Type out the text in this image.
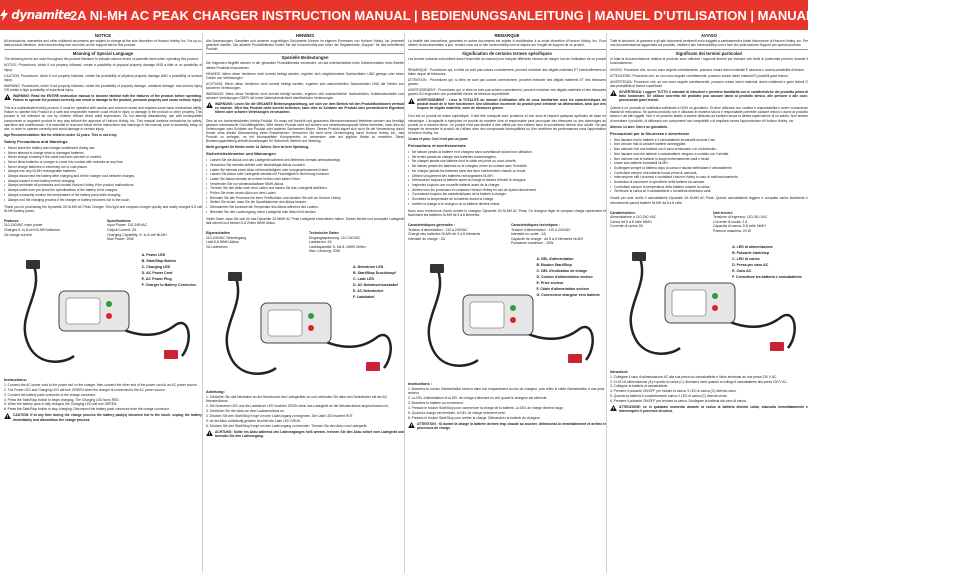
dynamite 2A NI-MH AC PEAK CHARGER INSTRUCTION MANUAL | BEDIENUNGSANLEITUNG | MANUEL D'UTILISATION | MANUALE DI ISTRUZIONI (DYN4113)
NOTICE

All instructions, warranties and other collateral documents are subject to change at the sole discretion of Horizon Hobby, Inc. For up-to-date product literature, visit horizonhobby.com and click on the support tab for this product.

Meaning of Special Language

The following terms are used throughout the product literature to indicate various levels of potential harm when operating this product:

NOTICE: Procedures, which if not properly followed, create a possibility of physical property damage AND a little or no possibility of injury.

CAUTION: Procedures, which if not properly followed, create the probability of physical property damage AND a possibility of serious injury.

WARNING: Procedures, which if not properly followed, create the probability of property damage, collateral damage, and serious injury OR create a high probability of superficial injury.

WARNING: Read the ENTIRE instruction manual to become familiar with the features of the product before operating. Failure to operate the product correctly can result in damage to the product, personal property and cause serious injury.

This is a sophisticated hobby product. It must be operated with caution and common sense and requires some basic mechanical ability. Failure to operate this Product in a safe and responsible manner could result in injury or damage to the product or other property. This product is not intended for use by children without direct adult supervision. Do not attempt disassembly, use with incompatible components or augment product in any way without the approval of Horizon Hobby, Inc. This manual contains instructions for safety, operation and maintenance. It is essential to read and follow all the instructions and warnings in the manual, prior to assembly, setup or use, in order to operate correctly and avoid damage or serious injury.

Age Recommendation: Not for children under 14 years. This is not a toy.

Safety Precautions and Warnings
• Never leave the battery and charger unattended during use.
• Never attempt to charge dead or damaged batteries.
• Never charge a battery if the cable has been pinched or shorted.
• Never allow batteries or charger to come into contact with moisture at any time.
• Never charge batteries in extremely hot or cold places.
• Always use only Ni-MH rechargeable batteries.
• Always disconnect the battery after charging and let the charger cool between charges.
• Always inspect a new battery before charging.
• Always terminate all processes and contact Horizon Hobby if the product malfunctions.
• Always make sure you know the specifications of the battery to be charged.
• Always constantly monitor the temperature of the battery pack while charging.
• Always end the charging process if the charger or battery becomes hot to the touch.

Thank you for purchasing the Dynamite 2A Ni-MH AC Peak Charger. This light and compact charger quickly and easily charges 5-8 cell Ni-MH battery packs.

Features
110-240VAC main power
Charges 5- to 8-cell Ni-MH batteries
2A charge current
Specifications
Input Power: 110-240VAC
Output Current: 2A
Charging Capability: 5- to 8-cell Ni-MH
Max Power: 20W
A. Power LED
B. Start/Stop Button
C. Charging LED
D. AC Power Cord
E. AC Power Plug
F. Charger to Battery Connector
Instructions:
1. Connect the AC power cord to the power slot on the charger, then connect the other end of the power cord to an AC power source.
2. The Power LED and Charging LED will turn GREEN when the charger is connected to the AC power source.
3. Connect the battery pack connector to the charge connector.
4. Press the Start/Stop button to begin charging. The Charging LED turns RED.
5. When the battery pack is fully charged, the Charging LED will turn GREEN.
6. Press the Start/Stop button to stop charging. Disconnect the battery pack connector from the charge connector.

CAUTION: If at any time during the charge process the battery pack(s) becomes hot to the touch, unplug the battery immediately and discontinue the charge process.

HINWEIS

Alle Anweisungen, Garantien und anderen zugehörigen Dokumente können im eigenen Ermessen von Horizon Hobby, Inc. jederzeit geändert werden. Die aktuelle Produktliteratur finden Sie auf horizonhobby.com unter der Registerkarte „Support" für das betreffende Produkt.

Spezielle Bedeutungen

Die folgenden Begriffe werden in der gesamten Produktliteratur verwendet, um auf unterschiedlich hohe Gefahrenrisiken beim Betrieb dieses Produkts hinzuweisen:

HINWEIS: Wenn diese Verfahren nicht korrekt befolgt werden, ergeben sich möglicherweise Sachschäden UND geringe oder keine Gefahr von Verletzungen.

ACHTUNG: Wenn diese Verfahren nicht korrekt befolgt werden, ergeben sich wahrscheinlich Sachschäden UND die Gefahr von schweren Verletzungen.

WARNUNG: Wenn diese Verfahren nicht korrekt befolgt werden, ergeben sich wahrscheinlich Sachschäden, Kollateralschäden und schwere Verletzungen ODER mit hoher Wahrscheinlichkeit oberflächliche Verletzungen.

WARNUNG: Lesen Sie die GESAMTE Bedienungsanleitung, um sich vor dem Betrieb mit den Produktfunktionen vertraut zu machen. Wird das Produkt nicht korrekt betrieben, kann dies zu Schäden am Produkt oder persönlichem Eigentum führen oder schwere Verletzungen verursachen.

Dies ist ein hochentwickeltes Hobby-Produkt. Es muss mit Vorsicht und gesundem Menschenverstand betrieben werden und benötigt gewisse mechanische Grundfähigkeiten. Wird dieses Produkt nicht auf sichere und verantwortungsvolle Weise betrieben, kann dies zu Verletzungen oder Schäden am Produkt oder anderen Sachwerten führen. Dieses Produkt eignet sich nicht für die Verwendung durch Kinder ohne direkte Überwachung eines Erwachsenen. Versuchen Sie nicht ohne Genehmigung durch Horizon Hobby, Inc., das Produkt zu zerlegen, es mit inkompatiblen Komponenten zu verwenden oder auf jegliche Weise zu erweitern. Diese Bedienungsanleitung enthält Anweisungen für Sicherheit, Betrieb und Wartung.

Nicht geeignet für Kinder unter 14 Jahren. Dies ist kein Spielzeug.

Sicherheitshinweise und Warnungen
• Lassen Sie die Akkus und das Ladegerät während des Betriebes niemals unbeaufsichtigt.
• Versuchen Sie niemals defekte oder beschädigte Akkus zu laden.
• Laden Sie niemals einen Akku mit beschädigtem oder kurzgeschlossenem Kabel.
• Lassen Sie Akkus oder Ladegerät niemals mit Feuchtigkeit in Berührung kommen.
• Laden Sie Akkus niemals an extrem heißen oder kalten Orten.
• Verwenden Sie nur wiederaufladbare NiMH-Akkus.
• Trennen Sie den Akku nach dem Laden und lassen Sie das Ladegerät abkühlen.
• Prüfen Sie einen neuen Akku vor dem Laden.
• Beenden Sie alle Prozesse bei einer Fehlfunktion und wenden Sie sich an Horizon Hobby.
• Stellen Sie sicher, dass Sie die Spezifikationen des Akkus kennen.
• Überwachen Sie konstant die Temperatur des Akkus während des Ladens.
• Beenden Sie den Ladevorgang, wenn Ladegerät oder Akku heiß werden.

Vielen Dank, dass Sie sich für das Dynamite 2A NiMH AC Peak Ladegerät entschieden haben. Dieses leichte und kompakte Ladegerät lädt schnell und einfach 5-8 Zellen NiMH Akkus.

Eigenschaften
110-240VAC Netzeingang
Lädt 5-8 NiMH Akkus
2A Ladestrom
Technische Daten
Eingangsspannung: 110-240VAC
Ladestrom: 2A
Ladekapazität: 5- bis 8- NiMH Zellen
Max. Leistung: 20W
A. Netzstrom LED
B. Start/Stop Druckknopf
C. Lade LED
D. AC Netzanschlusskabel
E. AC Netzstecker
F. Ladekabel
Anleitung:
1. Schließen Sie das Netzkabel an der Netzbuchse des Ladegerätes an und verbinden Sie dann den Netzstecker mit der AC Netzsteckdose.
2. Die Netzstrom LED und die Ladestrom LED leuchten GRÜN wenn das Ladegerät an die Netzsteckdose angeschlossen ist.
3. Schließen Sie den Akku an dem Ladeanschluss an.
4. Drücken Sie den Start/Stop Knopf um den Ladevorgang zu beginnen. Die Lade LED leuchtet ROT.
5. Ist der Akku vollständig geladen leuchtet die Lade LED GRÜN.
6. Drücken Sie den Start/Stop Knopf um den Ladevorgang zu beenden. Trennen Sie den Akku vom Ladegerät.

ACHTUNG: Sollte ein Akku während des Ladevorganges heiß werden, trennen Sie den Akku sofort vom Ladegerät und beenden Sie den Ladevorgang.

REMARQUE

La totalité des instructions, garanties et autres documents est sujette à modification à la seule discrétion d'Horizon Hobby, Inc. Pour obtenir la documentation à jour, rendez-vous sur le site horizonhobby.com et cliquez sur l'onglet de support de ce produit.

Signification de certains termes spécifiques

Les termes suivants sont utilisés dans l'ensemble du manuel pour indiquer différents niveaux de danger lors de l'utilisation de ce produit :

REMARQUE : Procédures qui, si elles ne sont pas suivies correctement, peuvent entraîner des dégâts matériels ET éventuellement un faible risque de blessures.

ATTENTION : Procédures qui, si elles ne sont pas suivies correctement, peuvent entraîner des dégâts matériels ET des blessures graves.

AVERTISSEMENT : Procédures qui, si elles ne sont pas suivies correctement, peuvent entraîner des dégâts matériels et des blessures graves OU engendrer une probabilité élevée de blessure superficielle.

AVERTISSEMENT : Lisez la TOTALITÉ du manuel d'utilisation afin de vous familiariser avec les caractéristiques du produit avant de le faire fonctionner. Une utilisation incorrecte du produit peut entraîner sa détérioration, ainsi que des risques de dégâts matériels, voire de blessures graves.

Ceci est un produit de loisirs sophistiqué. Il doit être manipulé avec prudence et bon sens et requiert quelques aptitudes de base en mécanique. L'incapacité à manipuler ce produit de manière sûre et responsable peut provoquer des blessures ou des dommages au produit ou à d'autres biens. Ce produit n'est pas destiné à être utilisé par des enfants sans la surveillance directe d'un adulte. Ne pas essayer de démonter le produit, de l'utiliser avec des composants incompatibles ou d'en améliorer les performances sans l'approbation d'Horizon Hobby, Inc.

14 ans et plus. Ceci n'est pas un jouet.

Précautions et avertissements
• Ne laissez jamais la batterie et le chargeur sans surveillance durant leur utilisation.
• Ne tentez jamais de charger des batteries endommagées.
• Ne chargez jamais une batterie dont le câble est pincé ou court-circuité.
• Ne laissez jamais les batteries ou le chargeur entrer en contact avec l'humidité.
• Ne chargez jamais les batteries dans des lieux extrêmement chauds ou froids.
• Utilisez uniquement des batteries rechargeables Ni-MH.
• Débranchez toujours la batterie après la charge et laissez refroidir le chargeur.
• Inspectez toujours une nouvelle batterie avant de la charger.
• Arrêtez tous les processus et contactez Horizon Hobby en cas de dysfonctionnement.
• Connaissez toujours les caractéristiques de la batterie à charger.
• Surveillez la température de la batterie durant la charge.
• Arrêtez la charge si le chargeur ou la batterie devient chaud.

Nous vous remercions d'avoir acheté le chargeur Dynamite 2A Ni-MH AC Peak. Ce chargeur léger et compact charge rapidement et facilement les batteries Ni-MH de 5 à 8 éléments.

Caractéristiques générales :
Tension d'alimentation : 110 à 240VAC
Charge des batteries Ni-MH de 5 à 8 éléments
Intensité de charge : 2A
Caractéristiques techniques :
Tension d'alimentation : 110 à 240VAC
Intensité en sortie : 2A
Capacité de charge : de 5 à 8 éléments Ni-MH
Puissance maximum : 20W
A. DEL d'alimentation
B. Bouton Start/Stop
C. DEL d'indication de charge
D. Cordon d'alimentation secteur
E. Prise secteur
F. Câble d'alimentation secteur
G. Connecteur chargeur vers batterie
Instructions :
1. Branchez le cordon d'alimentation secteur dans son emplacement au dos du chargeur, puis reliez le câble d'alimentation à une prise secteur.
2. La DEL d'alimentation et la DEL de charge s'allument en vert quand le chargeur est alimenté.
3. Branchez la batterie au connecteur.
4. Pressez le bouton Start/Stop pour commencer la charge de la batterie. La DEL de charge devient rouge.
5. Quand la charge est terminée, la DEL de charge redevient verte.
6. Pressez le bouton Start/Stop pour arrêter la charge. Débranchez la batterie du chargeur.

ATTENTION : Si durant la charge la batterie devient trop chaude au toucher, débranchez-la immédiatement et arrêtez le processus de charge.

AVVISO

Tutte le istruzioni, le garanzie e gli altri documenti pertinenti sono soggetti a cambiamenti a totale discrezione di Horizon Hobby, Inc. Per una documentazione aggiornata sul prodotto, visitare il sito horizonhobby.com e fare clic sulla sezione Support per questo prodotto.

Significato dei termini particolari

In tutta la documentazione relativa al prodotto sono utilizzati i seguenti termini per indicare vari livelli di potenziale pericolo durante il funzionamento:

AVVISO: Procedure che, se non sono seguite correttamente, possono creare danni materiali E nessuna o scarsa possibilità di lesioni.

ATTENZIONE: Procedure che, se non sono seguite correttamente, possono creare danni materiali E possibili gravi lesioni.

AVVERTENZA: Procedure che, se non sono seguite correttamente, possono creare danni materiali, danni collaterali e gravi lesioni O alta probabilità di lesioni superficiali.

AVVERTENZA: Leggere TUTTO il manuale di istruzioni e prendere familiarità con le caratteristiche del prodotto prima di farlo funzionare. Un utilizzo scorretto del prodotto può causare danni al prodotto stesso, alle persone o alle cose, provocando gravi lesioni.

Questo è un prodotto di hobbistica sofisticato e NON un giocattolo. Si deve utilizzare con cautela e responsabilità e avere conoscenze basilari di meccanica. Se questo prodotto non è utilizzato in maniera sicura e responsabile potrebbe causare lesioni o danni al prodotto stesso o ad altri oggetti. Non è un prodotto adatto a essere utilizzato da bambini senza la diretta supervisione di un adulto. Non tentare di smontare il prodotto, di utilizzarlo con componenti non compatibili o di ampliarlo senza l'approvazione di Horizon Hobby, Inc.

Almeno 14 anni. Non è un giocattolo.

Precauzioni per la Sicurezza e Avvertenze
• Non lasciare mai le batterie e il caricabatterie incustoditi durante l'uso.
• Non cercare mai di caricare batterie danneggiate.
• Non caricare mai una batteria con il cavo schiacciato o in cortocircuito.
• Non lasciare mai che batterie o caricabatterie vengano a contatto con l'umidità.
• Non caricare mai le batterie in luoghi estremamente caldi o freddi.
• Usare solo batterie ricaricabili Ni-MH.
• Scollegare sempre la batteria dopo la carica e lasciar raffreddare il caricabatterie.
• Controllare sempre una batteria nuova prima di caricarla.
• Interrompere tutti i processi e contattare Horizon Hobby in caso di malfunzionamento.
• Accertarsi di conoscere le specifiche della batteria da caricare.
• Controllare sempre la temperatura della batteria durante la carica.
• Terminare la carica se il caricabatterie o la batteria diventano caldi.

Grazie per aver scelto il caricabatterie Dynamite 2A Ni-MH AC Peak. Questo caricabatterie leggero e compatto carica facilmente e velocemente pacchi batterie Ni-MH da 5 a 8 celle.

Caratteristiche:
Alimentazione a 110-240 VAC
Carica da 5 a 8 celle NiMH
Corrente di carica 2A
Dati tecnici:
Tensione di ingresso: 110-240 VAC
Corrente di uscita: 2 A
Capacità di carica: 5-8 celle NiMH
Potenza massima: 20 W
A. LED di alimentazione
B. Pulsante start/stop
C. LED di carica
D. Presa per cavo AC
E. Cavo AC
F. Connettore tra batteria e caricabatterie
Istruzioni:
1. Collegare il cavo di alimentazione AC alla sua presa sul caricabatterie e l'altro terminale ad una presa 230 V AC.
2. Il LED di alimentazione (A) e quello di carica (C) diventano verdi quando si collega il caricabatterie alla presa 230 V AC.
3. Collegare la batteria al caricabatterie.
4. Premere il pulsante ON/OFF per iniziare la carica. Il LED di carica (C) diventa rosso.
5. Quando la batteria è completamente carica, il LED di carica (C) diventa verde.
6. Premere il pulsante ON/OFF per fermare la carica. Scollegare la batteria dal cavo di carica.

ATTENZIONE: se in qualsiasi momento durante la carica la batteria diventa calda, staccarla immediatamente e interrompere il processo di carica.
